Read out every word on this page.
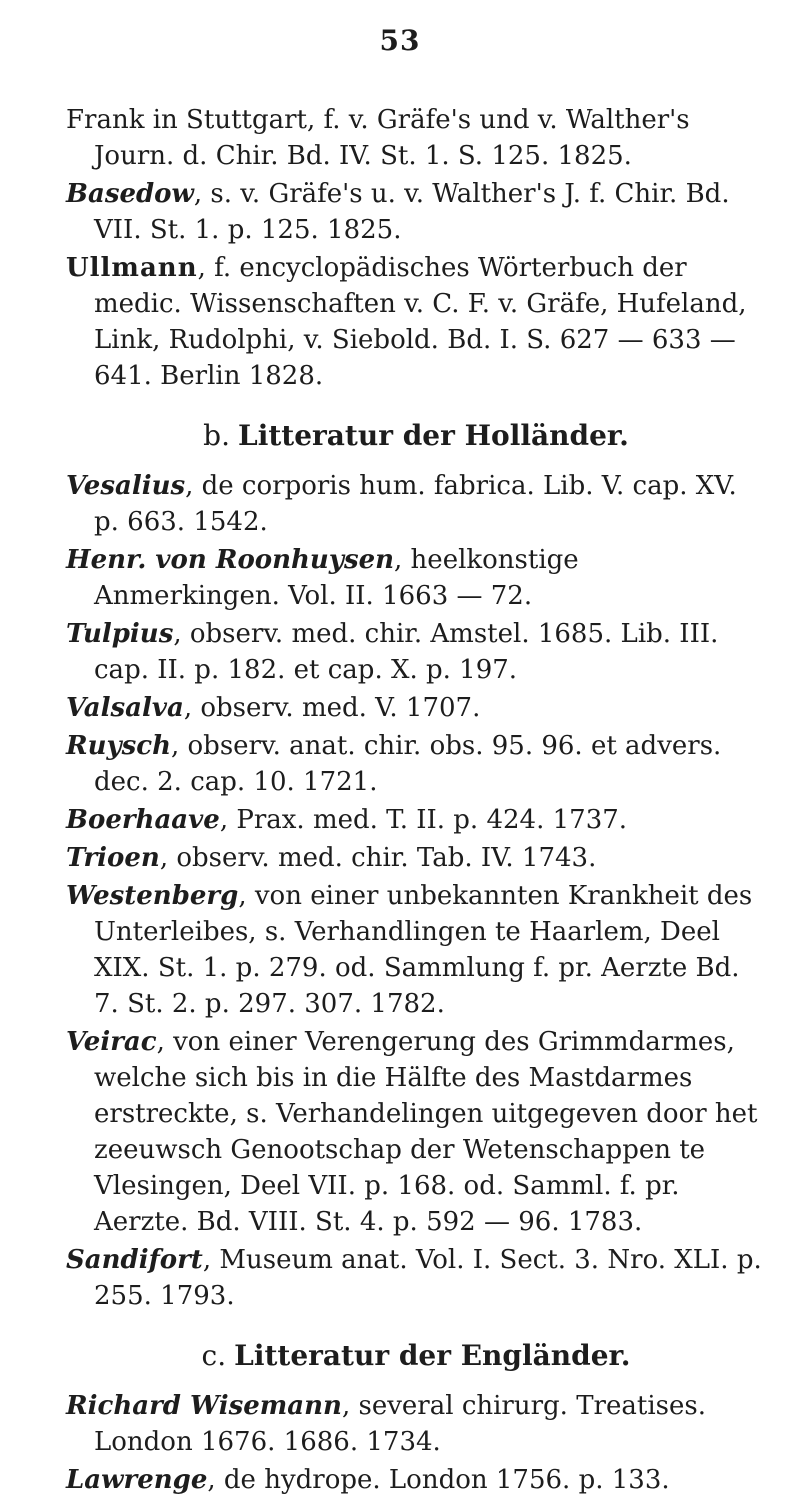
53

Frank in Stuttgart, f. v. Gräfe's und v. Walther's
Journ. d. Chir. Bd. IV. St. 1. S. 125. 1825.

Basedow, s. v. Gräfe's u. v. Walther's J. f. Chir. Bd. VII. St. 1. p. 125. 1825.

Ullmann, f. encyclopädisches Wörterbuch der medic. Wissenschaften v. C. F. v. Gräfe, Hufeland, Link, Rudolphi, v. Siebold. Bd. I. S. 627 — 633 — 641. Berlin 1828.

b. Litteratur der Holländer.

Vesalius, de corporis hum. fabrica. Lib. V. cap. XV. p. 663. 1542.

Henr. von Roonhuysen, heelkonstige Anmerkingen. Vol. II. 1663 — 72.

Tulpius, observ. med. chir. Amstel. 1685. Lib. III. cap. II. p. 182. et cap. X. p. 197.

Valsalva, observ. med. V. 1707.

Ruysch, observ. anat. chir. obs. 95. 96. et advers. dec. 2. cap. 10. 1721.

Boerhaave, Prax. med. T. II. p. 424. 1737.

Trioen, observ. med. chir. Tab. IV. 1743.

Westenberg, von einer unbekannten Krankheit des Unterleibes, s. Verhandlingen te Haarlem, Deel XIX. St. 1. p. 279. od. Sammlung f. pr. Aerzte Bd. 7. St. 2. p. 297. 307. 1782.

Veirac, von einer Verengerung des Grimmdarmes, welche sich bis in die Hälfte des Mastdarmes erstreckte, s. Verhandelingen uitgegeven door het zeeuwsch Genootschap der Wetenschappen te Vlesingen, Deel VII. p. 168. od. Samml. f. pr. Aerzte. Bd. VIII. St. 4. p. 592 — 96. 1783.

Sandifort, Museum anat. Vol. I. Sect. 3. Nro. XLI. p. 255. 1793.

c. Litteratur der Engländer.

Richard Wisemann, several chirurg. Treatises. London 1676. 1686. 1734.

Lawrenge, de hydrope. London 1756. p. 133.
